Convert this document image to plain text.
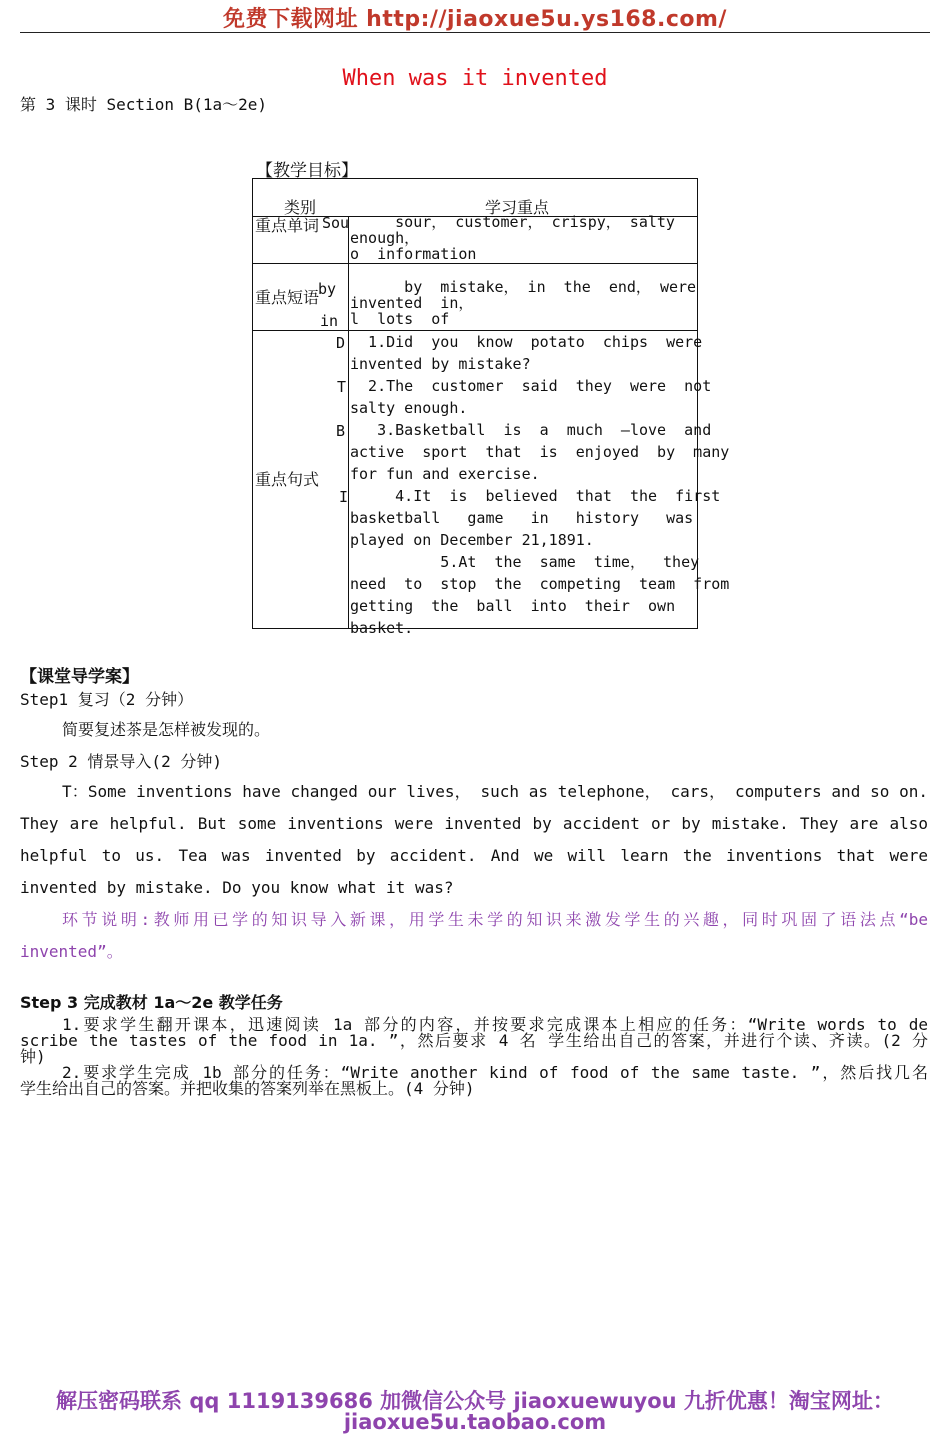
免费下载网址 http://jiaoxue5u.ys168.com/
When was it invented
第 3 课时 Section B(1a〜2e)
【教学目标】
类别	学习重点
重点单词 Sou sour， customer， crispy， salty
enough，
o  information
重点短语
by
in
by  mistake， in  the  end， were
invented  in，
l  lots  of
重点句式
D
T
B
I
1.Did  you  know  potato  chips  were
invented by mistake?
2.The  customer  said  they  were  not
salty enough.
3.Basketball  is  a  much  —love  and
active  sport  that  is  enjoyed  by  many
for fun and exercise.
4.It  is  believed  that  the  first
basketball   game   in   history   was
played on December 21,1891.
5.At  the  same  time，  they
need  to  stop  the  competing  team  from
getting  the  ball  into  their  own
basket.
【课堂导学案】
Step1 复习（2 分钟）
简要复述茶是怎样被发现的。
Step 2 情景导入(2 分钟)
T：Some inventions have changed our lives， such as telephone， cars， computers and so on.
They are helpful. But some inventions were invented by accident or by mistake. They are also
helpful to us. Tea was invented by accident. And we will learn the inventions that were
invented by mistake. Do you know what it was?
环节说明:教师用已学的知识导入新课，用学生未学的知识来激发学生的兴趣，同时巩固了语法点“be
invented”。
Step 3 完成教材 1a〜2e 教学任务
1.要求学生翻开课本，迅速阅读 1a 部分的内容，并按要求完成课本上相应的任务：“Write words to de
scribe the tastes of the food in 1a. ”，然后要求 4 名 学生给出自己的答案，并进行个读、齐读。(2 分
钟)
2.要求学生完成 1b 部分的任务：“Write another kind of food of the same taste. ”，然后找几名
学生给出自己的答案。并把收集的答案列举在黑板上。(4 分钟)
解压密码联系 qq 1119139686 加微信公众号 jiaoxuewuyou 九折优惠！淘宝网址：
jiaoxue5u.taobao.com
